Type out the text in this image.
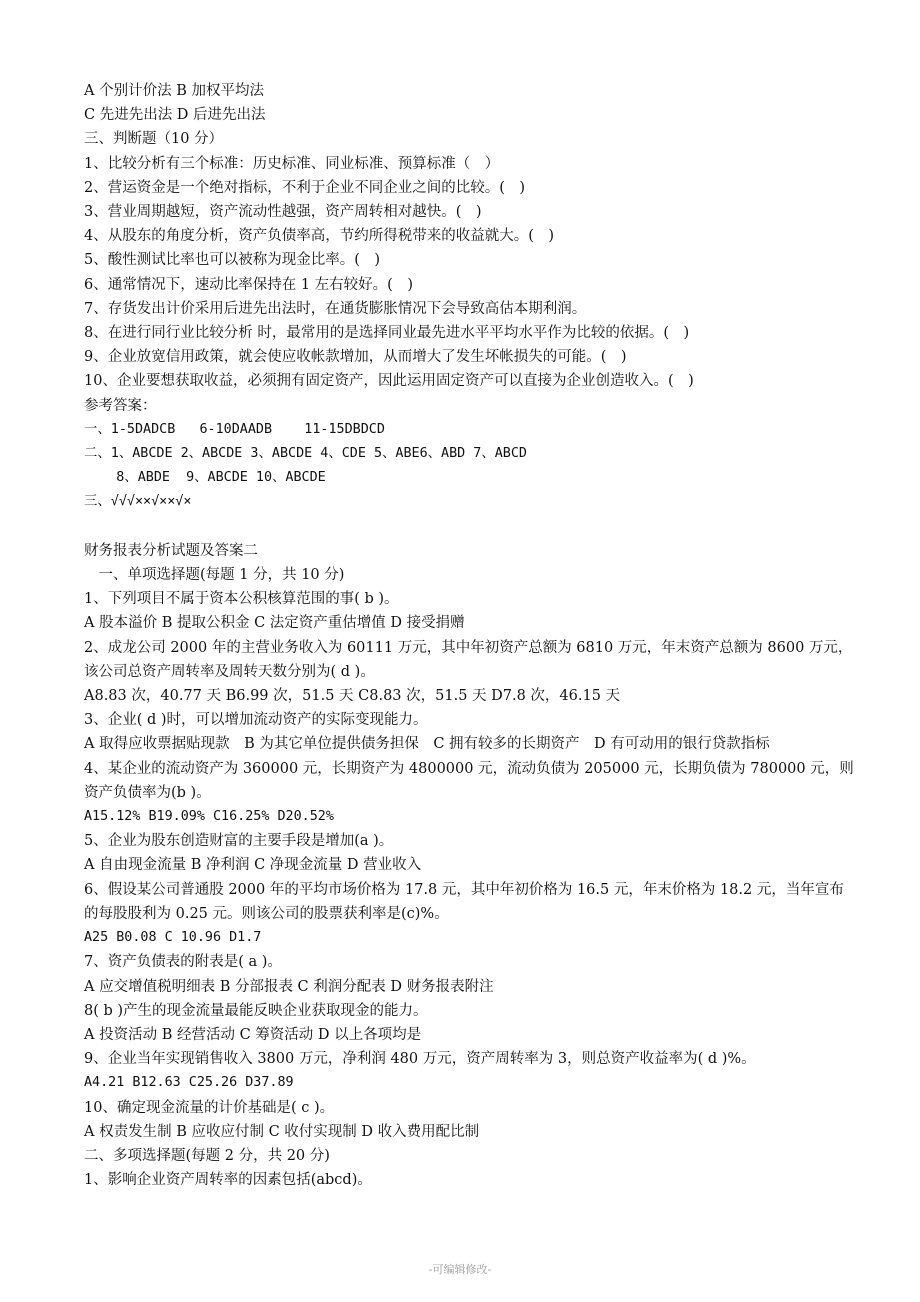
A 个别计价法 B 加权平均法

C 先进先出法 D 后进先出法

三、判断题（10 分）

1、比较分析有三个标准：历史标准、同业标准、预算标准（　）

2、营运资金是一个绝对指标，不利于企业不同企业之间的比较。(　)

3、营业周期越短，资产流动性越强，资产周转相对越快。(　)

4、从股东的角度分析，资产负债率高，节约所得税带来的收益就大。(　)

5、酸性测试比率也可以被称为现金比率。(　)

6、通常情况下，速动比率保持在 1 左右较好。(　)

7、存货发出计价采用后进先出法时，在通货膨胀情况下会导致高估本期利润。

8、在进行同行业比较分析 时，最常用的是选择同业最先进水平平均水平作为比较的依据。(　)

9、企业放宽信用政策，就会使应收帐款增加，从而增大了发生坏帐损失的可能。(　)

10、企业要想获取收益，必须拥有固定资产，因此运用固定资产可以直接为企业创造收入。(　)

参考答案：

一、1-5DADCB   6-10DAADB    11-15DBDCD

二、1、ABCDE 2、ABCDE 3、ABCDE 4、CDE 5、ABE6、ABD 7、ABCD

8、ABDE  9、ABCDE 10、ABCDE

三、√√√××√××√×

财务报表分析试题及答案二

　一、单项选择题(每题 1 分，共 10 分)

1、下列项目不属于资本公积核算范围的事( b )。

A 股本溢价 B 提取公积金 C 法定资产重估增值 D 接受捐赠

2、成龙公司 2000 年的主营业务收入为 60111 万元，其中年初资产总额为 6810 万元，年末资产总额为 8600 万元，该公司总资产周转率及周转天数分别为( d )。

A8.83 次，40.77 天 B6.99 次，51.5 天 C8.83 次，51.5 天 D7.8 次，46.15 天

3、企业( d )时，可以增加流动资产的实际变现能力。

A 取得应收票据贴现款　B 为其它单位提供债务担保　C 拥有较多的长期资产　D 有可动用的银行贷款指标

4、某企业的流动资产为 360000 元，长期资产为 4800000 元，流动负债为 205000 元，长期负债为 780000 元，则资产负债率为(b )。

A15.12% B19.09% C16.25% D20.52%

5、企业为股东创造财富的主要手段是增加(a )。

A 自由现金流量 B 净利润 C 净现金流量 D 营业收入

6、假设某公司普通股 2000 年的平均市场价格为 17.8 元，其中年初价格为 16.5 元，年末价格为 18.2 元，当年宣布的每股股利为 0.25 元。则该公司的股票获利率是(c)%。

A25 B0.08 C 10.96 D1.7

7、资产负债表的附表是( a )。

A 应交增值税明细表 B 分部报表 C 利润分配表 D 财务报表附注

8( b )产生的现金流量最能反映企业获取现金的能力。

A 投资活动 B 经营活动 C 筹资活动 D 以上各项均是

9、企业当年实现销售收入 3800 万元，净利润 480 万元，资产周转率为 3，则总资产收益率为( d )%。

A4.21 B12.63 C25.26 D37.89

10、确定现金流量的计价基础是( c )。

A 权责发生制 B 应收应付制 C 收付实现制 D 收入费用配比制

二、多项选择题(每题 2 分，共 20 分)

1、影响企业资产周转率的因素包括(abcd)。

-可编辑修改-
